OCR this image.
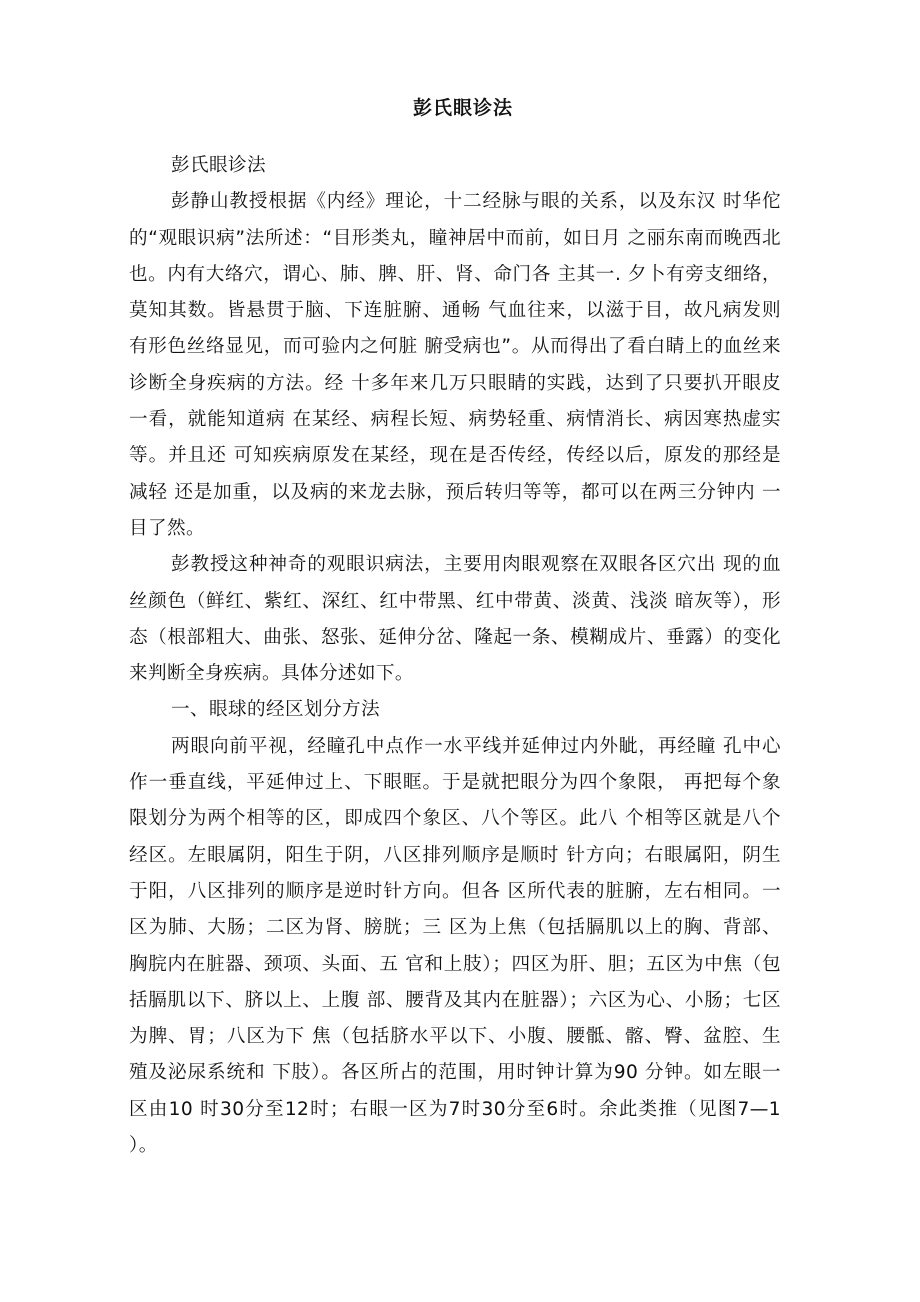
彭氏眼诊法

彭氏眼诊法

彭静山教授根据《内经》理论，十二经脉与眼的关系，以及东汉 时华佗的“观眼识病”法所述：“目形类丸，瞳神居中而前，如日月 之丽东南而晚西北也。内有大络穴，谓心、肺、脾、肝、肾、命门各 主其一. 夕卜有旁支细络，莫知其数。皆悬贯于脑、下连脏腑、通畅 气血往来，以滋于目，故凡病发则有形色丝络显见，而可验内之何脏 腑受病也”。从而得出了看白睛上的血丝来诊断全身疾病的方法。经 十多年来几万只眼睛的实践，达到了只要扒开眼皮一看，就能知道病 在某经、病程长短、病势轻重、病情消长、病因寒热虚实等。并且还 可知疾病原发在某经，现在是否传经，传经以后，原发的那经是减轻 还是加重，以及病的来龙去脉，预后转归等等，都可以在两三分钟内 一目了然。

彭教授这种神奇的观眼识病法，主要用肉眼观察在双眼各区穴出 现的血丝颜色（鲜红、紫红、深红、红中带黑、红中带黄、淡黄、浅淡 暗灰等），形态（根部粗大、曲张、怒张、延伸分岔、隆起一条、模糊成片、垂露）的变化来判断全身疾病。具体分述如下。

一、眼球的经区划分方法

两眼向前平视，经瞳孔中点作一水平线并延伸过内外眦，再经瞳 孔中心作一垂直线，平延伸过上、下眼眶。于是就把眼分为四个象限， 再把每个象限划分为两个相等的区，即成四个象区、八个等区。此八 个相等区就是八个经区。左眼属阴，阳生于阴，八区排列顺序是顺时 针方向；右眼属阳，阴生于阳，八区排列的顺序是逆时针方向。但各 区所代表的脏腑，左右相同。一区为肺、大肠；二区为肾、膀胱；三 区为上焦（包括膈肌以上的胸、背部、胸脘内在脏器、颈项、头面、五 官和上肢）；四区为肝、胆；五区为中焦（包括膈肌以下、脐以上、上腹 部、腰背及其内在脏器）；六区为心、小肠；七区为脾、胃；八区为下 焦（包括脐水平以下、小腹、腰骶、髂、臀、盆腔、生殖及泌尿系统和 下肢）。各区所占的范围，用时钟计算为90 分钟。如左眼一区由10 时30分至12时；右眼一区为7时30分至6时。余此类推（见图7—1 ）。
